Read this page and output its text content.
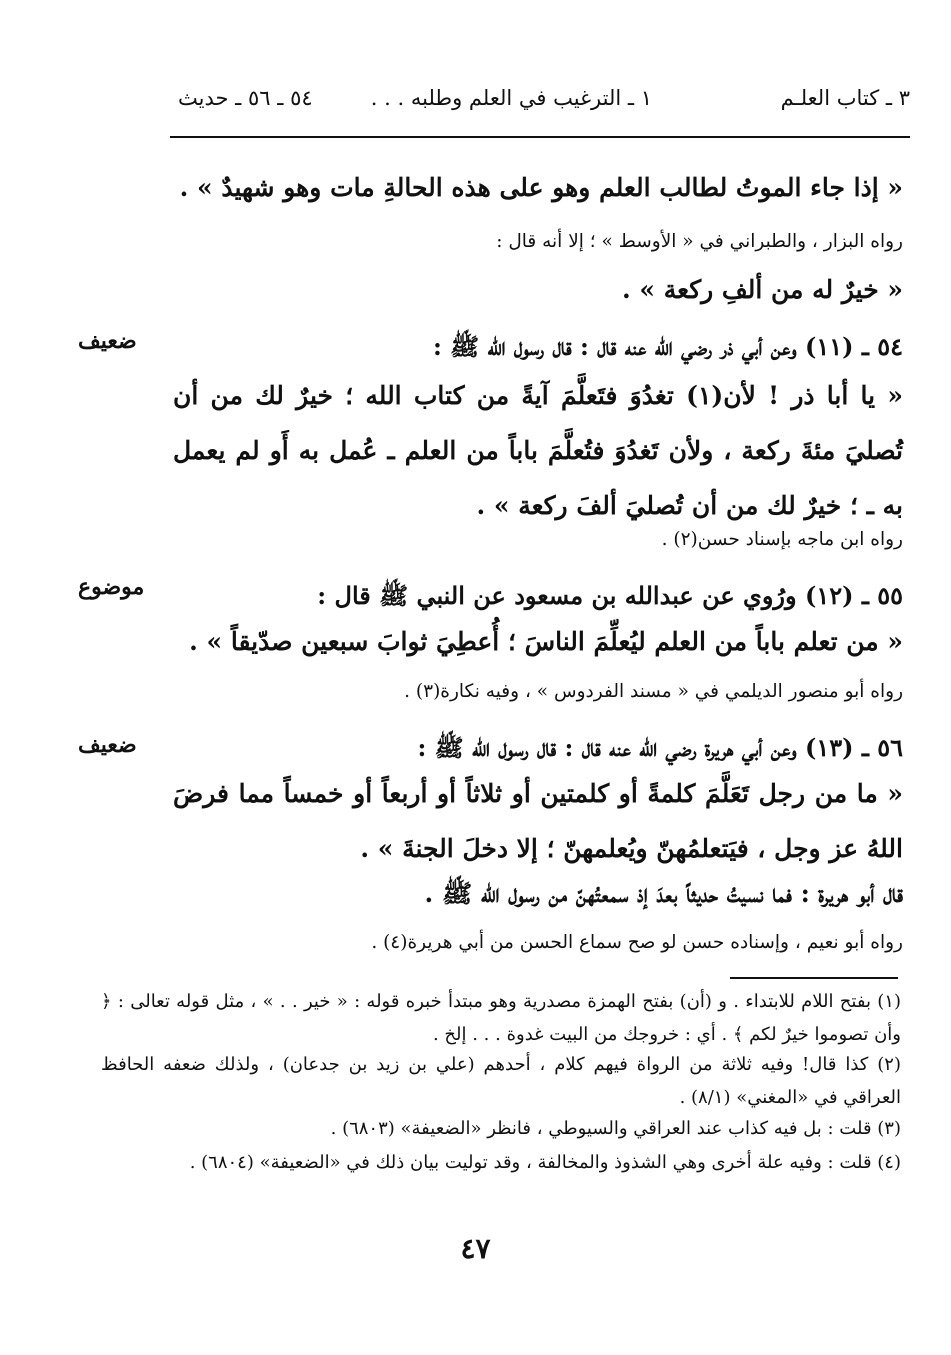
٣ ـ كتاب العلـم
١ ـ الترغيب في العلم وطلبه . . .
٥٤ ـ ٥٦ ـ حديث
« إذا جاء الموتُ لطالب العلم وهو على هذه الحالةِ مات وهو شهيدٌ » .
رواه البزار ، والطبراني في « الأوسط » ؛ إلا أنه قال :
« خيرٌ له من ألفِ ركعة » .
ضعيف	٥٤ ـ (١١) وعن أبي ذر رضي الله عنه قال : قال رسول الله ﷺ :
« يا أبا ذر ! لأن(١) تغدُوَ فتَعلَّمَ آيةً من كتاب الله ؛ خيرٌ لك من أن تُصليَ مئةَ ركعة ، ولأن تَغدُوَ فتُعلَّمَ باباً من العلم ـ عُمل به أَو لم يعمل به ـ ؛ خيرٌ لك من أن تُصليَ ألفَ ركعة » .
رواه ابن ماجه بإسناد حسن(٢) .
موضوع	٥٥ ـ (١٢) ورُوي عن عبدالله بن مسعود عن النبي ﷺ قال :
« من تعلم باباً من العلم ليُعلِّمَ الناسَ ؛ أُعطِيَ ثوابَ سبعين صدّيقاً » .
رواه أبو منصور الديلمي في « مسند الفردوس » ، وفيه نكارة(٣) .
ضعيف	٥٦ ـ (١٣) وعن أبي هريرة رضي الله عنه قال : قال رسول الله ﷺ :
« ما من رجل تَعَلَّمَ كلمةً أو كلمتين أو ثلاثاً أو أربعاً أو خمساً مما فرضَ اللهُ عز وجل ، فيَتعلمُهنّ ويُعلمهنّ ؛ إلا دخلَ الجنةَ » .
قال أبو هريرة : فما نسيتُ حديثاً بعدَ إذ سمعتُهنّ من رسول الله ﷺ .
رواه أبو نعيم ، وإسناده حسن لو صح سماع الحسن من أبي هريرة(٤) .
(١) بفتح اللام للابتداء . و (أن) بفتح الهمزة مصدرية وهو مبتدأ خبره قوله : « خير . . » ، مثل قوله تعالى : ﴿ وأن تصوموا خيرٌ لكم ﴾ . أي : خروجك من البيت غدوة . . . إلخ .
(٢) كذا قال! وفيه ثلاثة من الرواة فيهم كلام ، أحدهم (علي بن زيد بن جدعان) ، ولذلك ضعفه الحافظ العراقي في «المغني» (٨/١) .
(٣) قلت : بل فيه كذاب عند العراقي والسيوطي ، فانظر «الضعيفة» (٦٨٠٣) .
(٤) قلت : وفيه علة أخرى وهي الشذوذ والمخالفة ، وقد توليت بيان ذلك في «الضعيفة» (٦٨٠٤) .
٤٧
